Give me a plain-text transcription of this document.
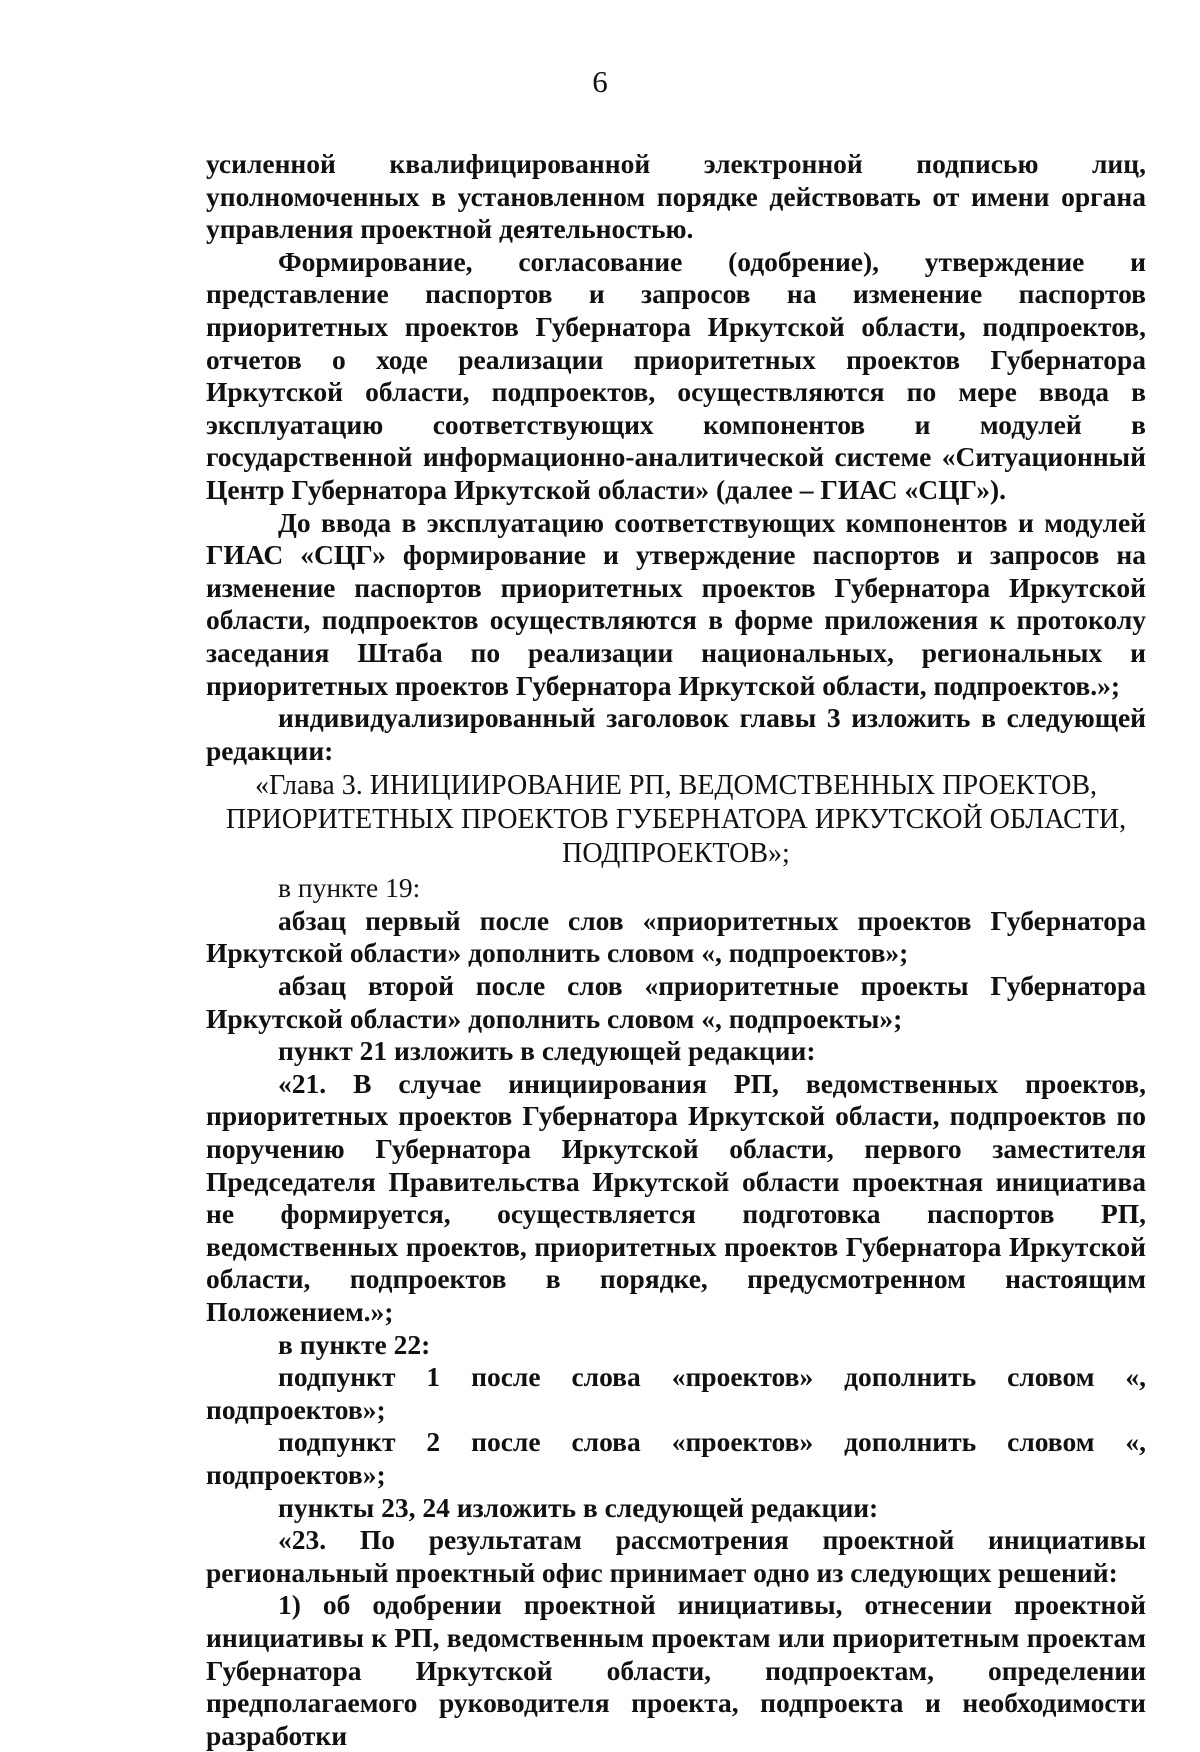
6

усиленной квалифицированной электронной подписью лиц, уполномоченных в установленном порядке действовать от имени органа управления проектной деятельностью.

Формирование, согласование (одобрение), утверждение и представление паспортов и запросов на изменение паспортов приоритетных проектов Губернатора Иркутской области, подпроектов, отчетов о ходе реализации приоритетных проектов Губернатора Иркутской области, подпроектов, осуществляются по мере ввода в эксплуатацию соответствующих компонентов и модулей в государственной информационно-аналитической системе «Ситуационный Центр Губернатора Иркутской области» (далее – ГИАС «СЦГ»).

До ввода в эксплуатацию соответствующих компонентов и модулей ГИАС «СЦГ» формирование и утверждение паспортов и запросов на изменение паспортов приоритетных проектов Губернатора Иркутской области, подпроектов осуществляются в форме приложения к протоколу заседания Штаба по реализации национальных, региональных и приоритетных проектов Губернатора Иркутской области, подпроектов.»;

индивидуализированный заголовок главы 3 изложить в следующей редакции:

«Глава 3. ИНИЦИИРОВАНИЕ РП, ВЕДОМСТВЕННЫХ ПРОЕКТОВ,
ПРИОРИТЕТНЫХ ПРОЕКТОВ ГУБЕРНАТОРА ИРКУТСКОЙ ОБЛАСТИ,
ПОДПРОЕКТОВ»;

в пункте 19:

абзац первый после слов «приоритетных проектов Губернатора Иркутской области» дополнить словом «, подпроектов»;

абзац второй после слов «приоритетные проекты Губернатора Иркутской области» дополнить словом «, подпроекты»;

пункт 21 изложить в следующей редакции:

«21. В случае инициирования РП, ведомственных проектов, приоритетных проектов Губернатора Иркутской области, подпроектов по поручению Губернатора Иркутской области, первого заместителя Председателя Правительства Иркутской области проектная инициатива не формируется, осуществляется подготовка паспортов РП, ведомственных проектов, приоритетных проектов Губернатора Иркутской области, подпроектов в порядке, предусмотренном настоящим Положением.»;

в пункте 22:

подпункт 1 после слова «проектов» дополнить словом «, подпроектов»;

подпункт 2 после слова «проектов» дополнить словом «, подпроектов»;

пункты 23, 24 изложить в следующей редакции:

«23. По результатам рассмотрения проектной инициативы региональный проектный офис принимает одно из следующих решений:

1) об одобрении проектной инициативы, отнесении проектной инициативы к РП, ведомственным проектам или приоритетным проектам Губернатора Иркутской области, подпроектам, определении предполагаемого руководителя проекта, подпроекта и необходимости разработки
